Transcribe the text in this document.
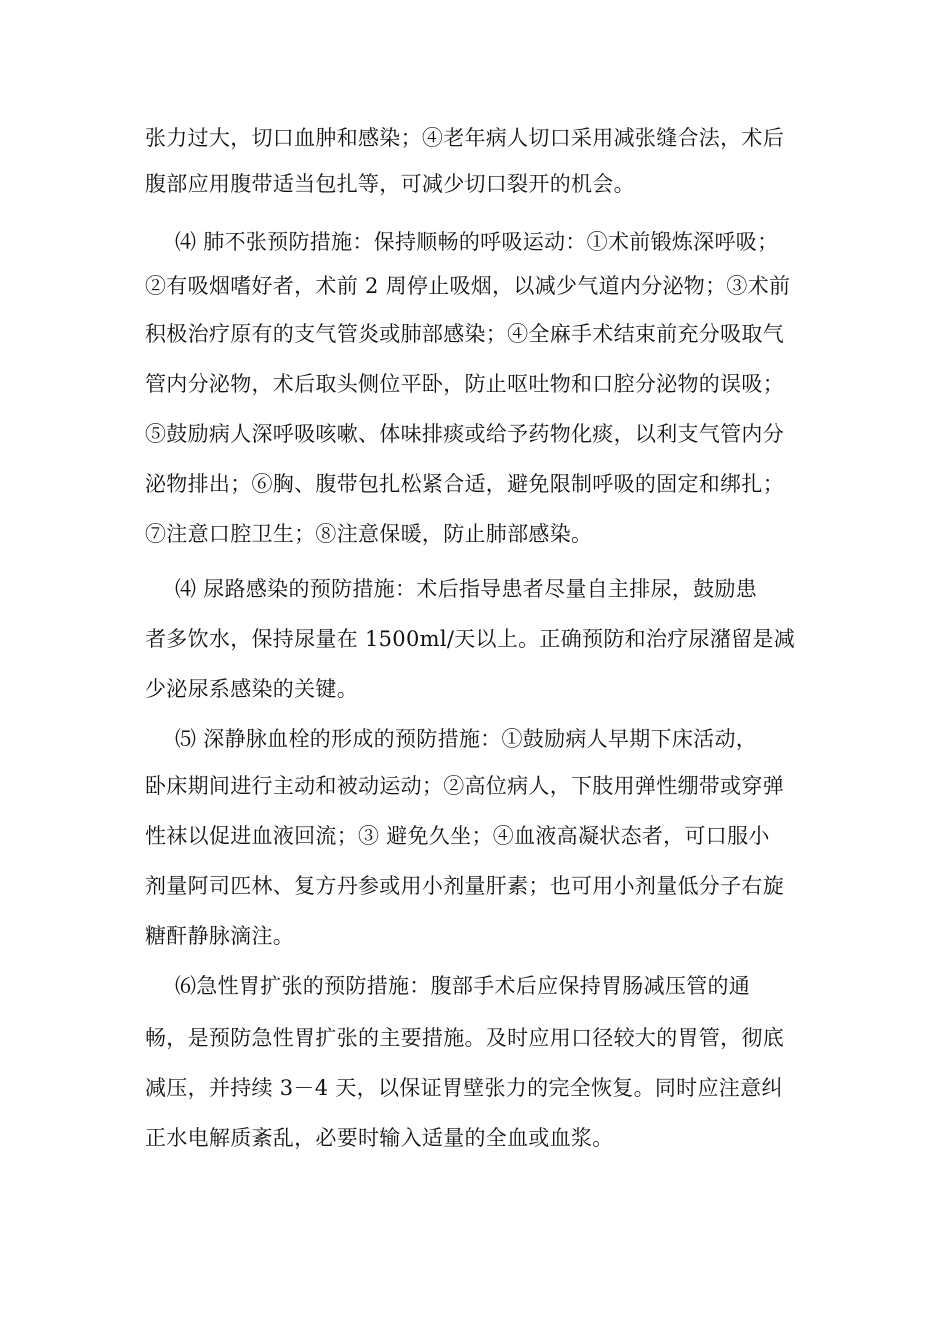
张力过大，切口血肿和感染；④老年病人切口采用减张缝合法，术后
腹部应用腹带适当包扎等，可减少切口裂开的机会。
⑷ 肺不张预防措施：保持顺畅的呼吸运动：①术前锻炼深呼吸；
②有吸烟嗜好者，术前 2 周停止吸烟，以减少气道内分泌物；③术前
积极治疗原有的支气管炎或肺部感染；④全麻手术结束前充分吸取气
管内分泌物，术后取头侧位平卧，防止呕吐物和口腔分泌物的误吸；
⑤鼓励病人深呼吸咳嗽、体味排痰或给予药物化痰，以利支气管内分
泌物排出；⑥胸、腹带包扎松紧合适，避免限制呼吸的固定和绑扎；
⑦注意口腔卫生；⑧注意保暖，防止肺部感染。
⑷ 尿路感染的预防措施：术后指导患者尽量自主排尿，鼓励患
者多饮水，保持尿量在 1500ml/天以上。正确预防和治疗尿潴留是减
少泌尿系感染的关键。
⑸ 深静脉血栓的形成的预防措施：①鼓励病人早期下床活动，
卧床期间进行主动和被动运动；②高位病人，下肢用弹性绷带或穿弹
性袜以促进血液回流；③ 避免久坐；④血液高凝状态者，可口服小
剂量阿司匹林、复方丹参或用小剂量肝素；也可用小剂量低分子右旋
糖酐静脉滴注。
⑹急性胃扩张的预防措施：腹部手术后应保持胃肠减压管的通
畅，是预防急性胃扩张的主要措施。及时应用口径较大的胃管，彻底
减压，并持续 3－4 天，以保证胃壁张力的完全恢复。同时应注意纠
正水电解质紊乱，必要时输入适量的全血或血浆。
